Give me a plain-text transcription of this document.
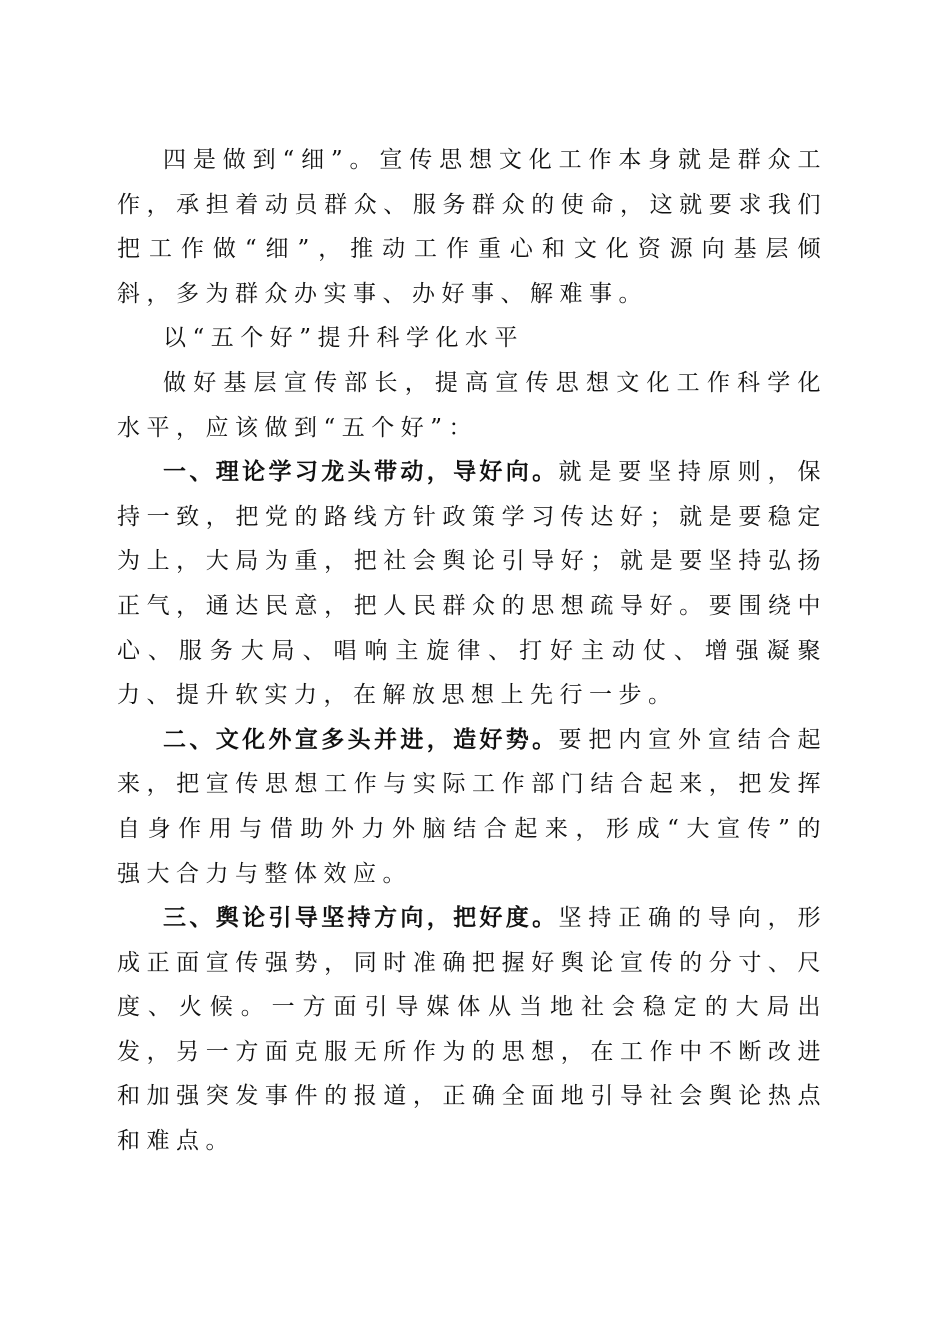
四是做到“细”。宣传思想文化工作本身就是群众工作，承担着动员群众、服务群众的使命，这就要求我们把工作做“细”，推动工作重心和文化资源向基层倾斜，多为群众办实事、办好事、解难事。

以“五个好”提升科学化水平

做好基层宣传部长，提高宣传思想文化工作科学化水平，应该做到“五个好”：

一、理论学习龙头带动，导好向。就是要坚持原则，保持一致，把党的路线方针政策学习传达好；就是要稳定为上，大局为重，把社会舆论引导好；就是要坚持弘扬正气，通达民意，把人民群众的思想疏导好。要围绕中心、服务大局、唱响主旋律、打好主动仗、增强凝聚力、提升软实力，在解放思想上先行一步。

二、文化外宣多头并进，造好势。要把内宣外宣结合起来，把宣传思想工作与实际工作部门结合起来，把发挥自身作用与借助外力外脑结合起来，形成“大宣传”的强大合力与整体效应。

三、舆论引导坚持方向，把好度。坚持正确的导向，形成正面宣传强势，同时准确把握好舆论宣传的分寸、尺度、火候。一方面引导媒体从当地社会稳定的大局出发，另一方面克服无所作为的思想，在工作中不断改进和加强突发事件的报道，正确全面地引导社会舆论热点和难点。
